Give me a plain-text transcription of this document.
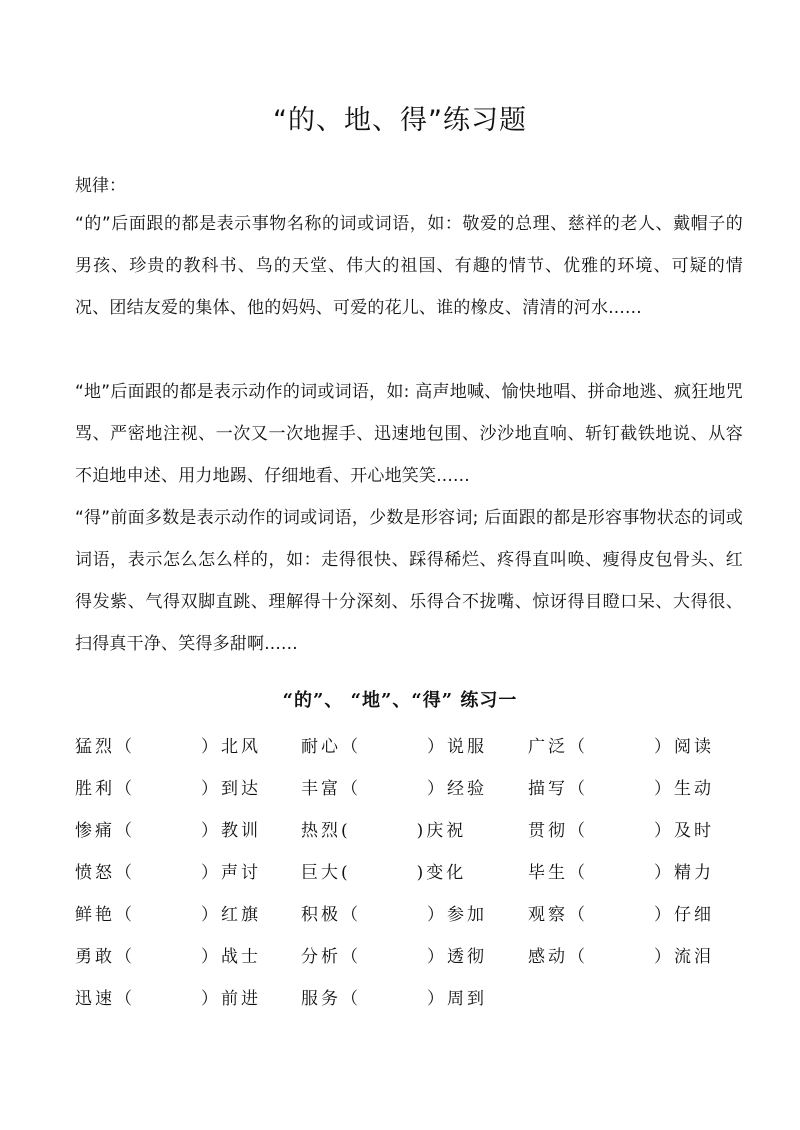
“的、地、得”练习题
规律：
“的”后面跟的都是表示事物名称的词或词语，如：敬爱的总理、慈祥的老人、戴帽子的男孩、珍贵的教科书、鸟的天堂、伟大的祖国、有趣的情节、优雅的环境、可疑的情况、团结友爱的集体、他的妈妈、可爱的花儿、谁的橡皮、清清的河水......
“地”后面跟的都是表示动作的词或词语，如: 高声地喊、愉快地唱、拼命地逃、疯狂地咒骂、严密地注视、一次又一次地握手、迅速地包围、沙沙地直响、斩钉截铁地说、从容不迫地申述、用力地踢、仔细地看、开心地笑笑......
“得”前面多数是表示动作的词或词语，少数是形容词; 后面跟的都是形容事物状态的词或词语，表示怎么怎么样的，如：走得很快、踩得稀烂、疼得直叫唤、瘦得皮包骨头、红得发紫、气得双脚直跳、理解得十分深刻、乐得合不拢嘴、惊讶得目瞪口呆、大得很、扫得真干净、笑得多甜啊......
“的”、 “地”、“得” 练习一
猛烈（	）北风 耐心（	）说服 广泛（	）阅读
胜利（	）到达 丰富（	）经验 描写（	）生动
惨痛（	）教训 热烈(	)庆祝	贯彻（	）及时
愤怒（	）声讨 巨大(	)变化	毕生（	）精力
鲜艳（	）红旗 积极（	）参加 观察（	）仔细
勇敢（	）战士 分析（	）透彻 感动（	）流泪
迅速（	）前进 服务（	）周到
